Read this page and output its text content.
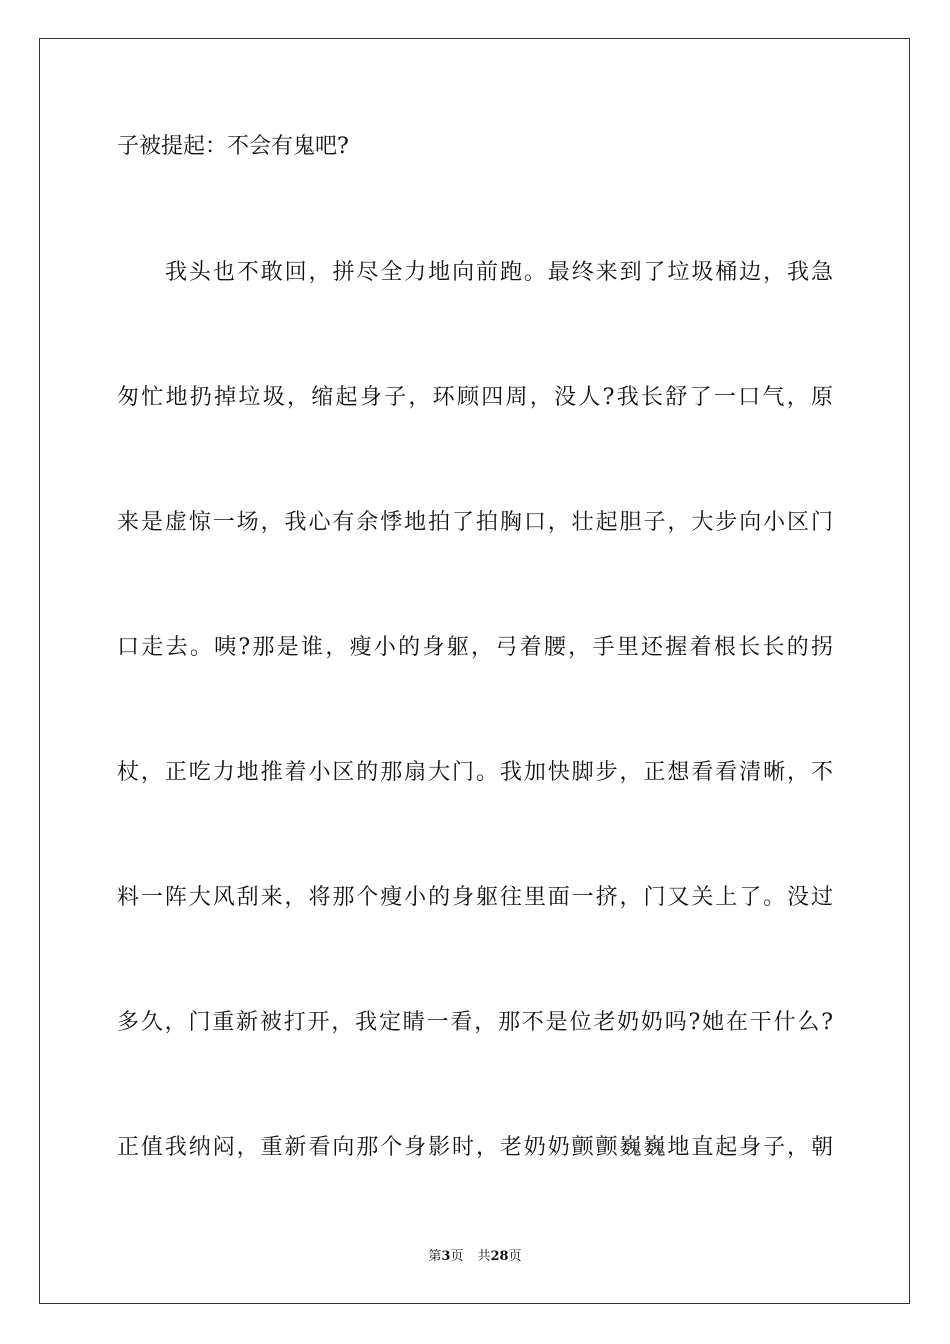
子被提起：不会有鬼吧?
我头也不敢回，拼尽全力地向前跑。最终来到了垃圾桶边，我急
匆忙地扔掉垃圾，缩起身子，环顾四周，没人?我长舒了一口气，原
来是虚惊一场，我心有余悸地拍了拍胸口，壮起胆子，大步向小区门
口走去。咦?那是谁，瘦小的身躯，弓着腰，手里还握着根长长的拐
杖，正吃力地推着小区的那扇大门。我加快脚步，正想看看清晰，不
料一阵大风刮来，将那个瘦小的身躯往里面一挤，门又关上了。没过
多久，门重新被打开，我定睛一看，那不是位老奶奶吗?她在干什么?
正值我纳闷，重新看向那个身影时，老奶奶颤颤巍巍地直起身子，朝
第3页 共28页
